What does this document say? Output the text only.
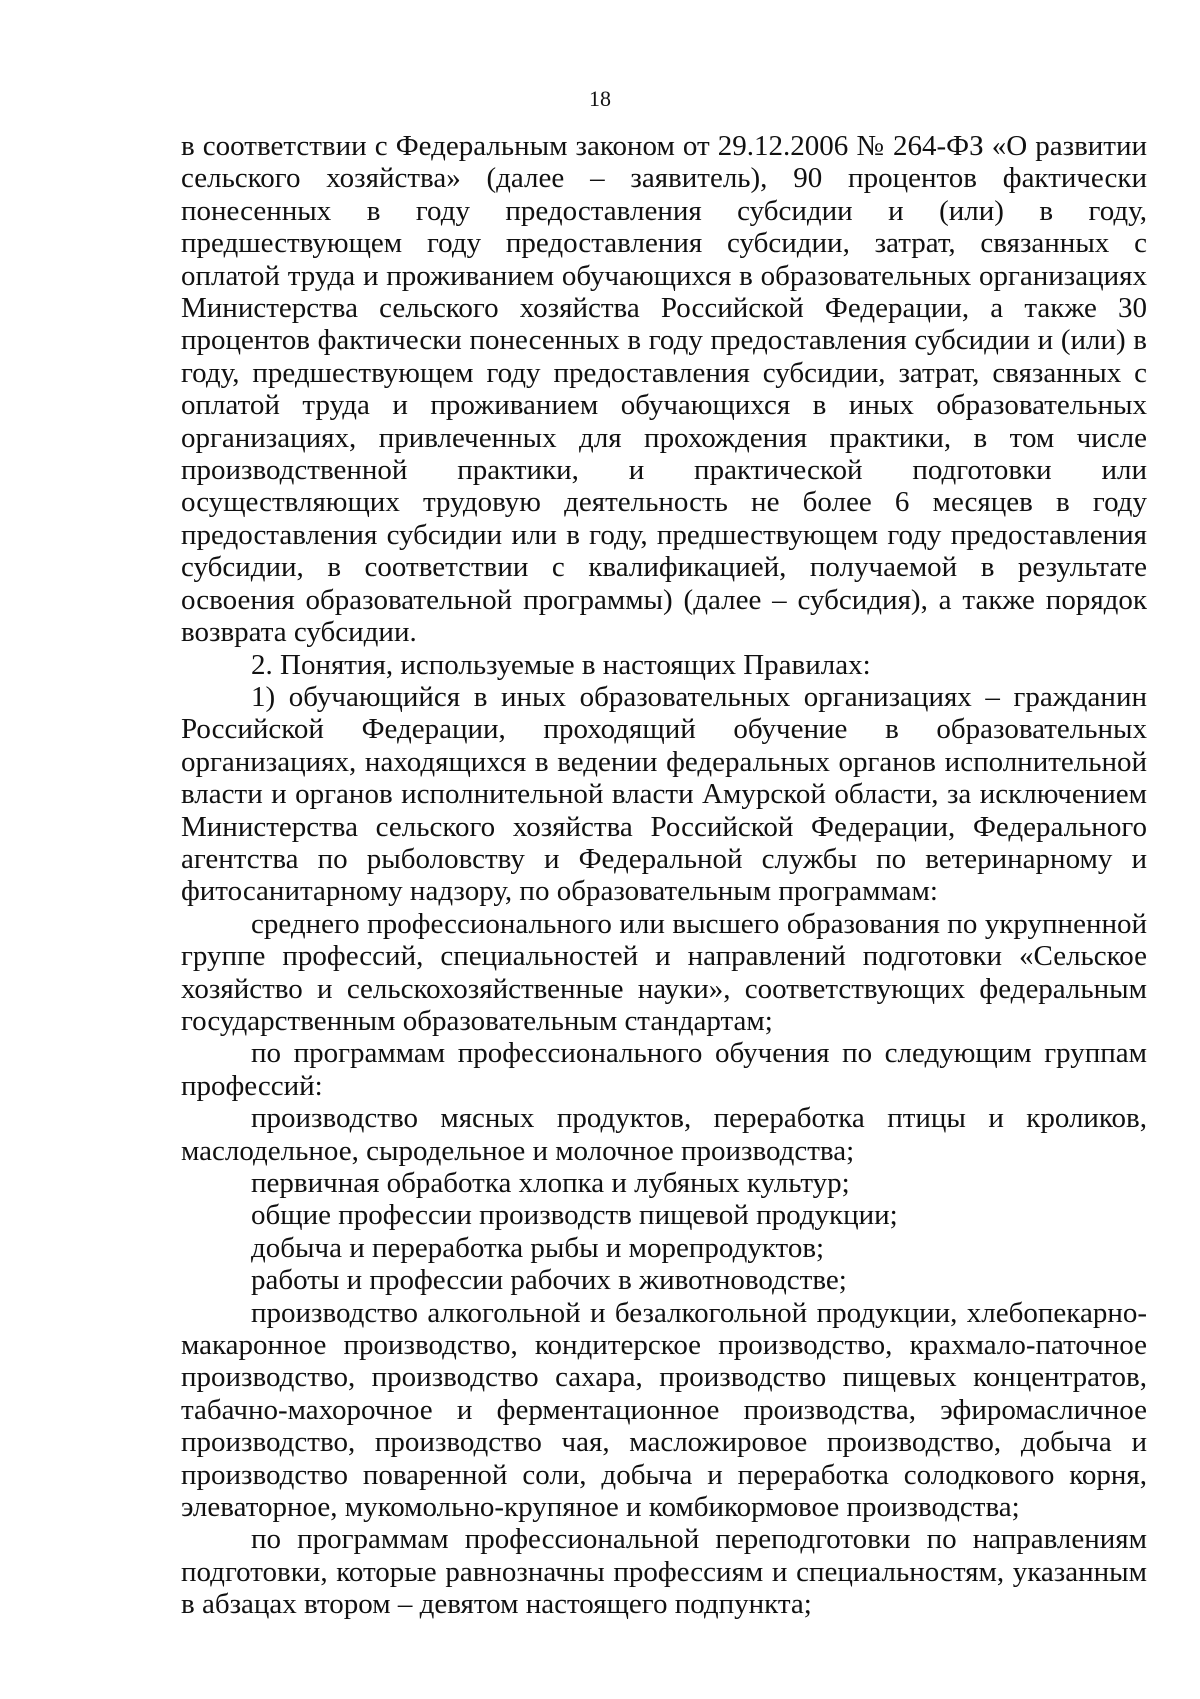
18

в соответствии с Федеральным законом от 29.12.2006 № 264-ФЗ «О развитии сельского хозяйства» (далее – заявитель), 90 процентов фактически понесенных в году предоставления субсидии и (или) в году, предшествующем году предоставления субсидии, затрат, связанных с оплатой труда и проживанием обучающихся в образовательных организациях Министерства сельского хозяйства Российской Федерации, а также 30 процентов фактически понесенных в году предоставления субсидии и (или) в году, предшествующем году предоставления субсидии, затрат, связанных с оплатой труда и проживанием обучающихся в иных образовательных организациях, привлеченных для прохождения практики, в том числе производственной практики, и практической подготовки или осуществляющих трудовую деятельность не более 6 месяцев в году предоставления субсидии или в году, предшествующем году предоставления субсидии, в соответствии с квалификацией, получаемой в результате освоения образовательной программы) (далее – субсидия), а также порядок возврата субсидии.

2. Понятия, используемые в настоящих Правилах:

1) обучающийся в иных образовательных организациях – гражданин Российской Федерации, проходящий обучение в образовательных организациях, находящихся в ведении федеральных органов исполнительной власти и органов исполнительной власти Амурской области, за исключением Министерства сельского хозяйства Российской Федерации, Федерального агентства по рыболовству и Федеральной службы по ветеринарному и фитосанитарному надзору, по образовательным программам:

среднего профессионального или высшего образования по укрупненной группе профессий, специальностей и направлений подготовки «Сельское хозяйство и сельскохозяйственные науки», соответствующих федеральным государственным образовательным стандартам;

по программам профессионального обучения по следующим группам профессий:

производство мясных продуктов, переработка птицы и кроликов, маслодельное, сыродельное и молочное производства;

первичная обработка хлопка и лубяных культур;

общие профессии производств пищевой продукции;

добыча и переработка рыбы и морепродуктов;

работы и профессии рабочих в животноводстве;

производство алкогольной и безалкогольной продукции, хлебопекарно- макаронное производство, кондитерское производство, крахмало-паточное производство, производство сахара, производство пищевых концентратов, табачно-махорочное и ферментационное производства, эфиромасличное производство, производство чая, масложировое производство, добыча и производство поваренной соли, добыча и переработка солодкового корня, элеваторное, мукомольно-крупяное и комбикормовое производства;

по программам профессиональной переподготовки по направлениям подготовки, которые равнозначны профессиям и специальностям, указанным в абзацах втором – девятом настоящего подпункта;
